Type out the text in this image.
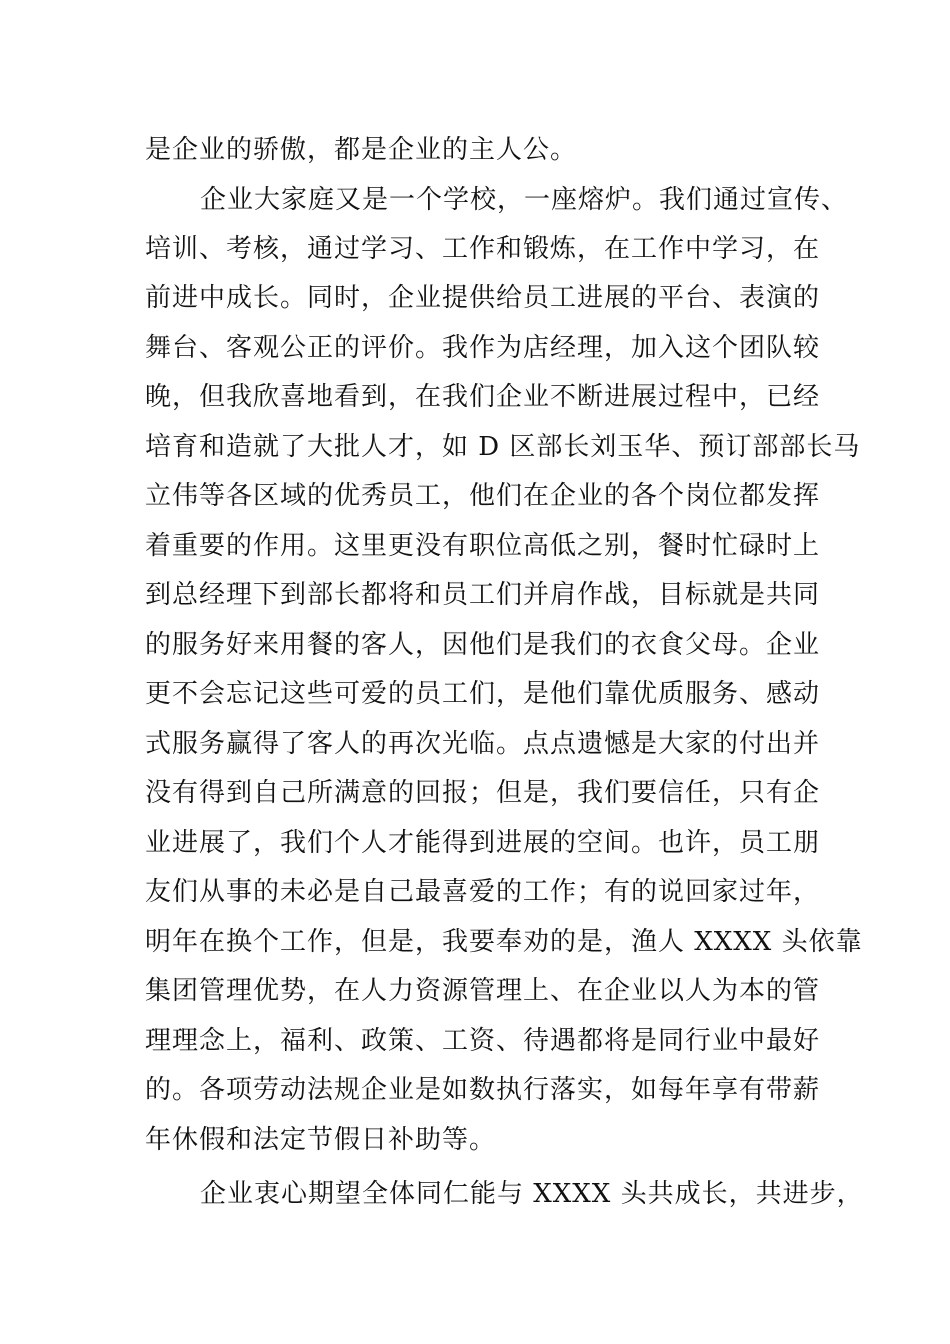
是企业的骄傲，都是企业的主人公。
企业大家庭又是一个学校，一座熔炉。我们通过宣传、
培训、考核，通过学习、工作和锻炼，在工作中学习，在
前进中成长。同时，企业提供给员工进展的平台、表演的
舞台、客观公正的评价。我作为店经理，加入这个团队较
晚，但我欣喜地看到，在我们企业不断进展过程中，已经
培育和造就了大批人才，如 D 区部长刘玉华、预订部部长马
立伟等各区域的优秀员工，他们在企业的各个岗位都发挥
着重要的作用。这里更没有职位高低之别，餐时忙碌时上
到总经理下到部长都将和员工们并肩作战，目标就是共同
的服务好来用餐的客人，因他们是我们的衣食父母。企业
更不会忘记这些可爱的员工们，是他们靠优质服务、感动
式服务赢得了客人的再次光临。点点遗憾是大家的付出并
没有得到自己所满意的回报；但是，我们要信任，只有企
业进展了，我们个人才能得到进展的空间。也许，员工朋
友们从事的未必是自己最喜爱的工作；有的说回家过年，
明年在换个工作，但是，我要奉劝的是，渔人 XXXX 头依靠
集团管理优势，在人力资源管理上、在企业以人为本的管
理理念上，福利、政策、工资、待遇都将是同行业中最好
的。各项劳动法规企业是如数执行落实，如每年享有带薪
年休假和法定节假日补助等。
企业衷心期望全体同仁能与 XXXX 头共成长，共进步，
